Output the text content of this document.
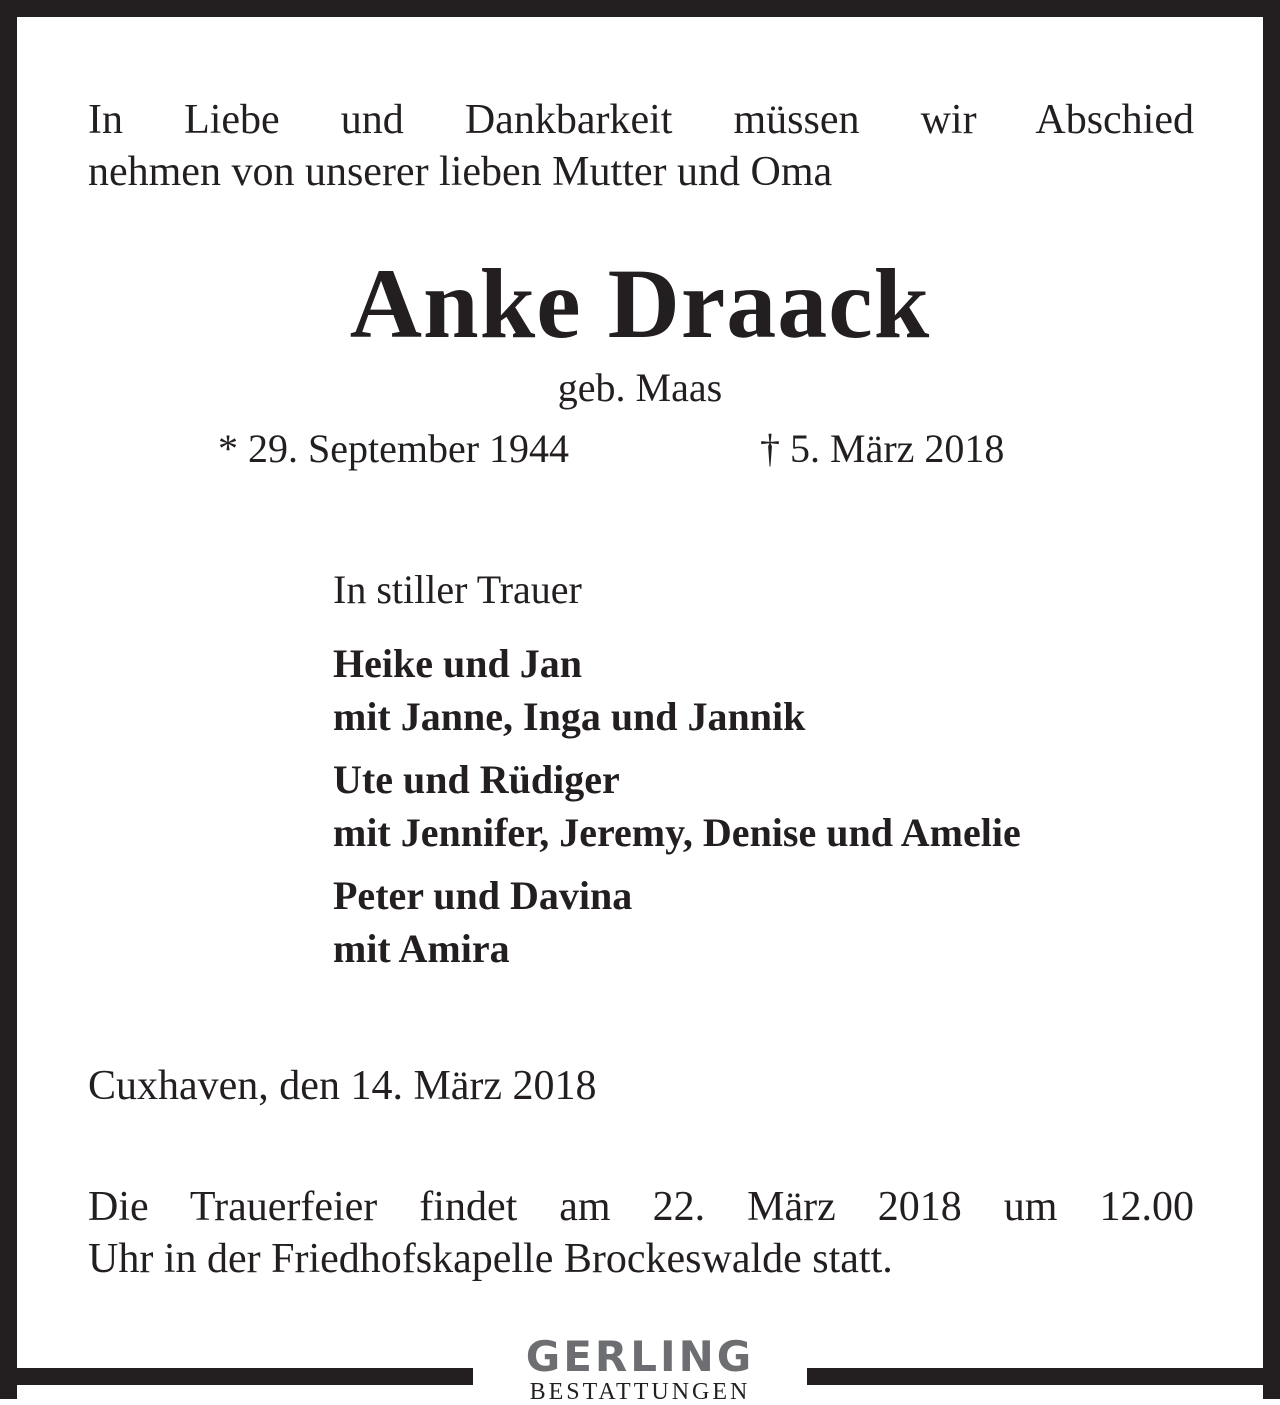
In Liebe und Dankbarkeit müssen wir Abschied
nehmen von unserer lieben Mutter und Oma

Anke Draack
geb. Maas
* 29. September 1944	† 5. März 2018
In stiller Trauer
Heike und Jan
mit Janne, Inga und Jannik
Ute und Rüdiger
mit Jennifer, Jeremy, Denise und Amelie
Peter und Davina
mit Amira
Cuxhaven, den 14. März 2018
Die Trauerfeier findet am 22. März 2018 um 12.00
Uhr in der Friedhofskapelle Brockeswalde statt.
GERLING
BESTATTUNGEN
